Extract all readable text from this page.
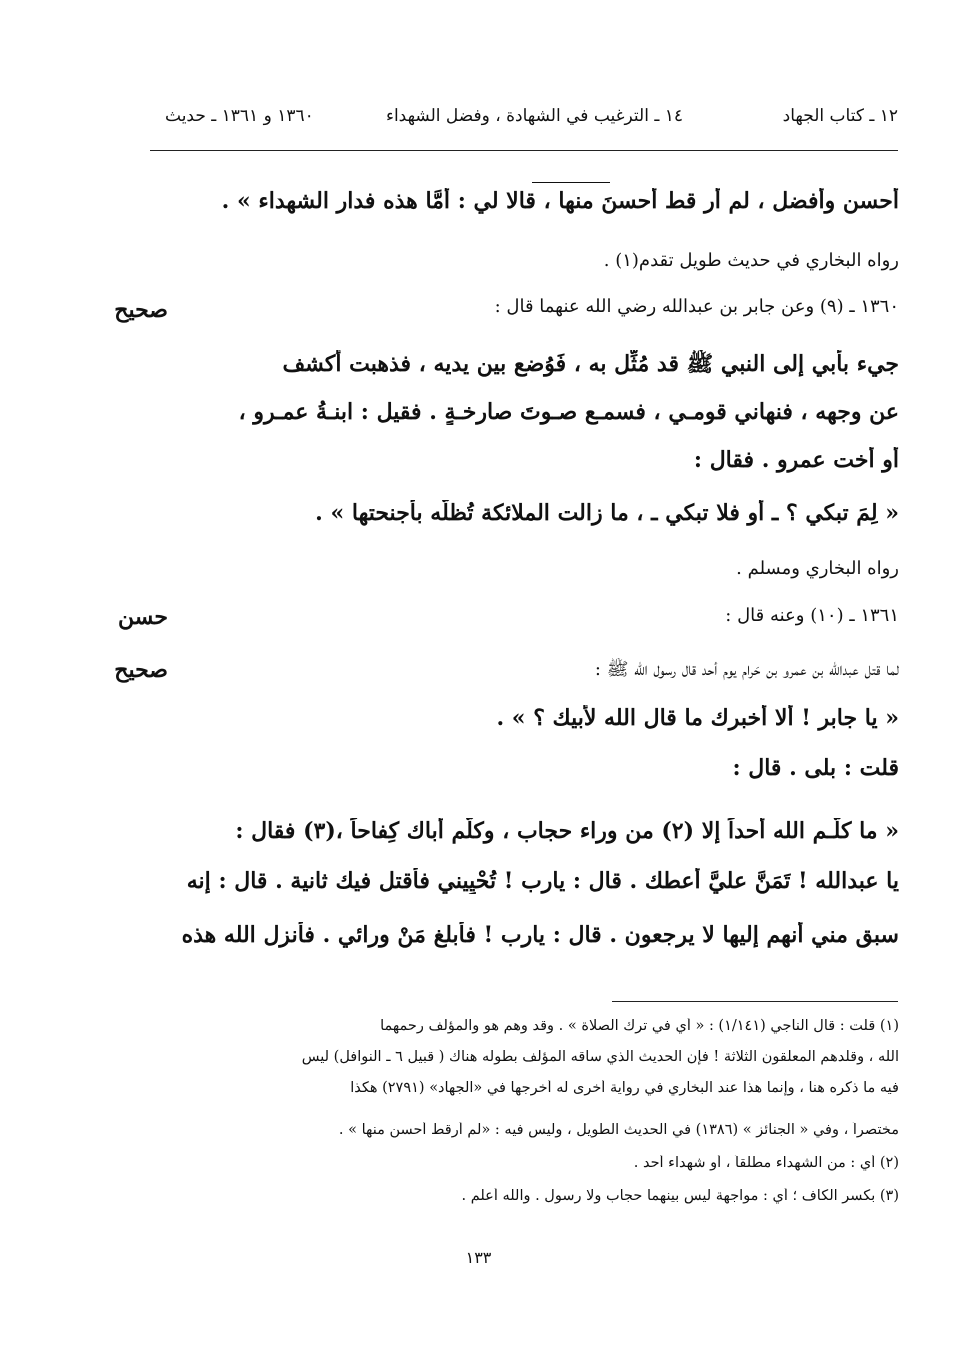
١٢ ـ كتاب الجهاد
١٤ ـ الترغيب في الشهادة ، وفضل الشهداء
١٣٦٠ و ١٣٦١ ـ حديث
أحسن وأفضل ، لم أر قط أحسنَ منها ، قالا لي : أمَّا هذه فدار الشهداء » .
رواه البخاري في حديث طويل تقدم(١) .
١٣٦٠ ـ (٩) وعن جابر بن عبدالله رضي الله عنهما قال :
صحيح
جيء بأَبي إلى النبي ﷺ قد مُثِّل به ، فَوُضع بين يديه ، فذهبت أكشف
عن وجهه ، فنهاني قومـي ، فسمـع صـوتَ صارخـةٍ . فقيل : ابنـةُ عمـرو ،
أو أخت عمرو . فقال :
« لِمَ تبكي ؟ ـ أو فلا تبكي ـ ، ما زالت الملائكة تُظلُّه بأَجنحتها » .
رواه البخاري ومسلم .
١٣٦١ ـ (١٠) وعنه قال :
حسن
لما قتل عبدالله بن عمرو بن حَرام يوم أحد قال رسول الله ﷺ :
صحيح
« يا جابر ! ألا أخبرك ما قال الله لأبيك ؟ » .
قلت : بلى . قال :
« ما كلَّـم الله أحداً إلا (٢) من وراء حجاب ، وكلَّم أباك كِفاحاً ،(٣) فقال :
يا عبدالله ! تَمَنَّ عليَّ أُعطك . قال : يارب ! تُحْيِيني فأُقتل فيك ثانية . قال : إنه
سبق مني أنهم إليها لا يرجعون . قال : يارب ! فأبلغ مَنْ ورائي . فأَنزل الله هذه
(١) قلت : قال الناجي (١/١٤١) : « أي في ترك الصلاة » . وقد وهم هو والمؤلف رحمهما
الله ، وقلدهم المعلقون الثلاثة ! فإن الحديث الذي ساقه المؤلف بطوله هناك ( قبيل ٦ ـ النوافل) ليس
فيه ما ذكره هنا ، وإنما هذا عند البخاري في رواية أخرى له أخرجها في «الجهاد» (٢٧٩١) هكذا
مختصراً ، وفي « الجنائز » (١٣٨٦) في الحديث الطويل ، وليس فيه : «لم أرقط أحسن منها » .
(٢) أي : من الشهداء مطلقاً ، أو شهداء أحد .
(٣) بكسر الكاف ؛ أي : مواجهة ليس بينهما حجاب ولا رسول . والله أعلم .
١٣٣
